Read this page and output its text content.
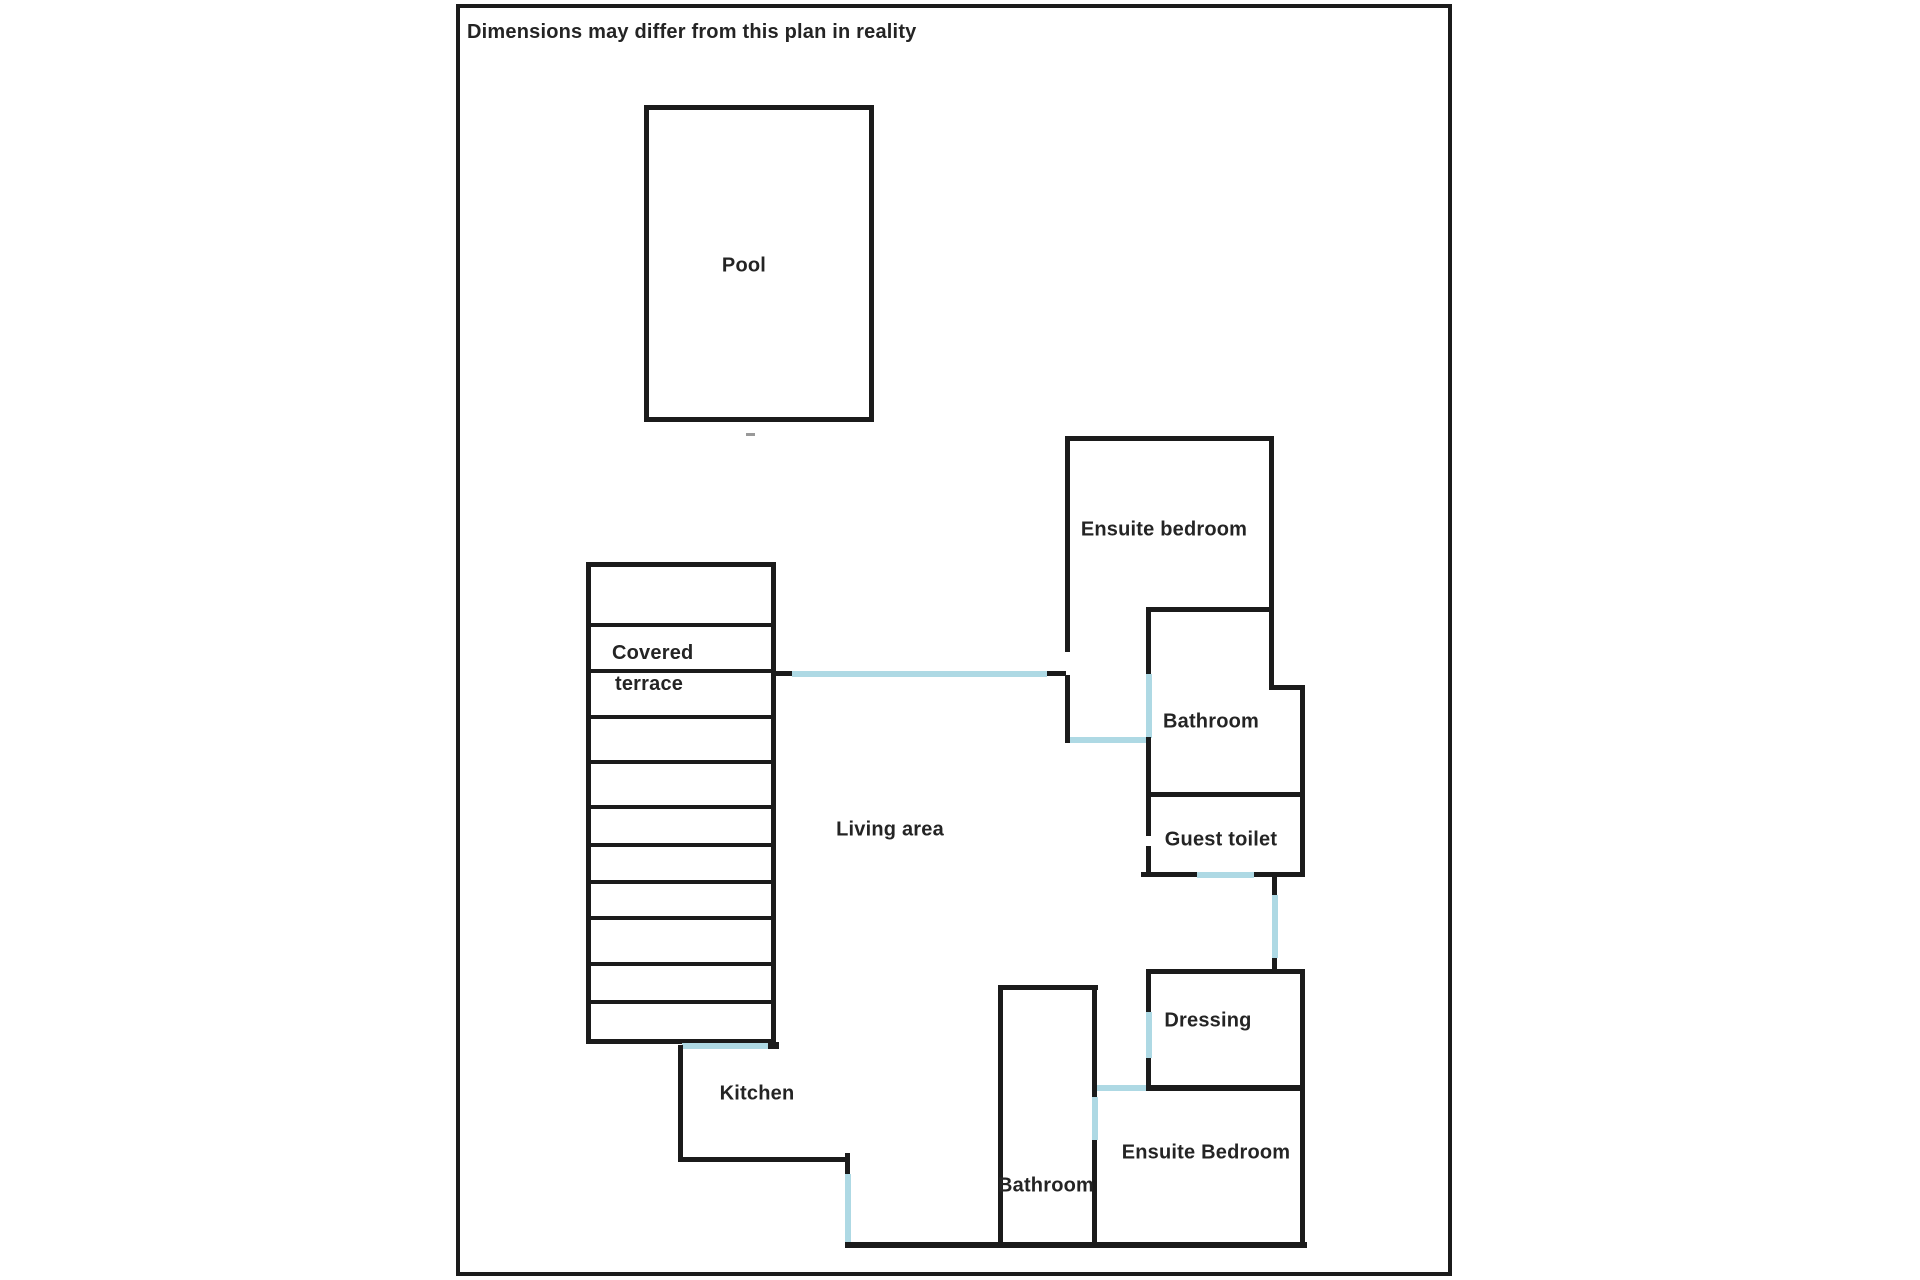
Dimensions may differ from this plan in reality
Pool
Covered
terrace
Kitchen
Living area
Ensuite bedroom
Bathroom
Guest toilet
Dressing
Ensuite Bedroom
Bathroom
